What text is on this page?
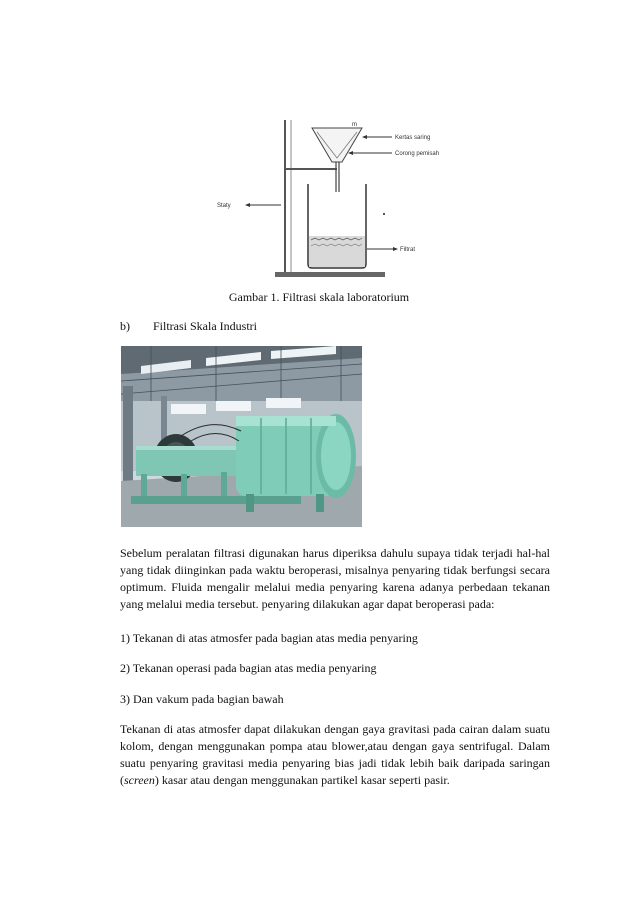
m
Kertas saring
Corong pemisah
Staty
Filtrat
Gambar 1. Filtrasi skala laboratorium
b) Filtrasi Skala Industri

Sebelum peralatan filtrasi digunakan harus diperiksa dahulu supaya tidak terjadi hal-hal yang tidak diinginkan pada waktu beroperasi, misalnya penyaring tidak berfungsi secara optimum. Fluida mengalir melalui media penyaring karena adanya perbedaan tekanan yang melalui media tersebut. penyaring dilakukan agar dapat beroperasi pada:

1) Tekanan di atas atmosfer pada bagian atas media penyaring

2) Tekanan operasi pada bagian atas media penyaring

3) Dan vakum pada bagian bawah

Tekanan di atas atmosfer dapat dilakukan dengan gaya gravitasi pada cairan dalam suatu kolom, dengan menggunakan pompa atau blower,atau dengan gaya sentrifugal. Dalam suatu penyaring gravitasi media penyaring bias jadi tidak lebih baik daripada saringan (screen) kasar atau dengan menggunakan partikel kasar seperti pasir.
